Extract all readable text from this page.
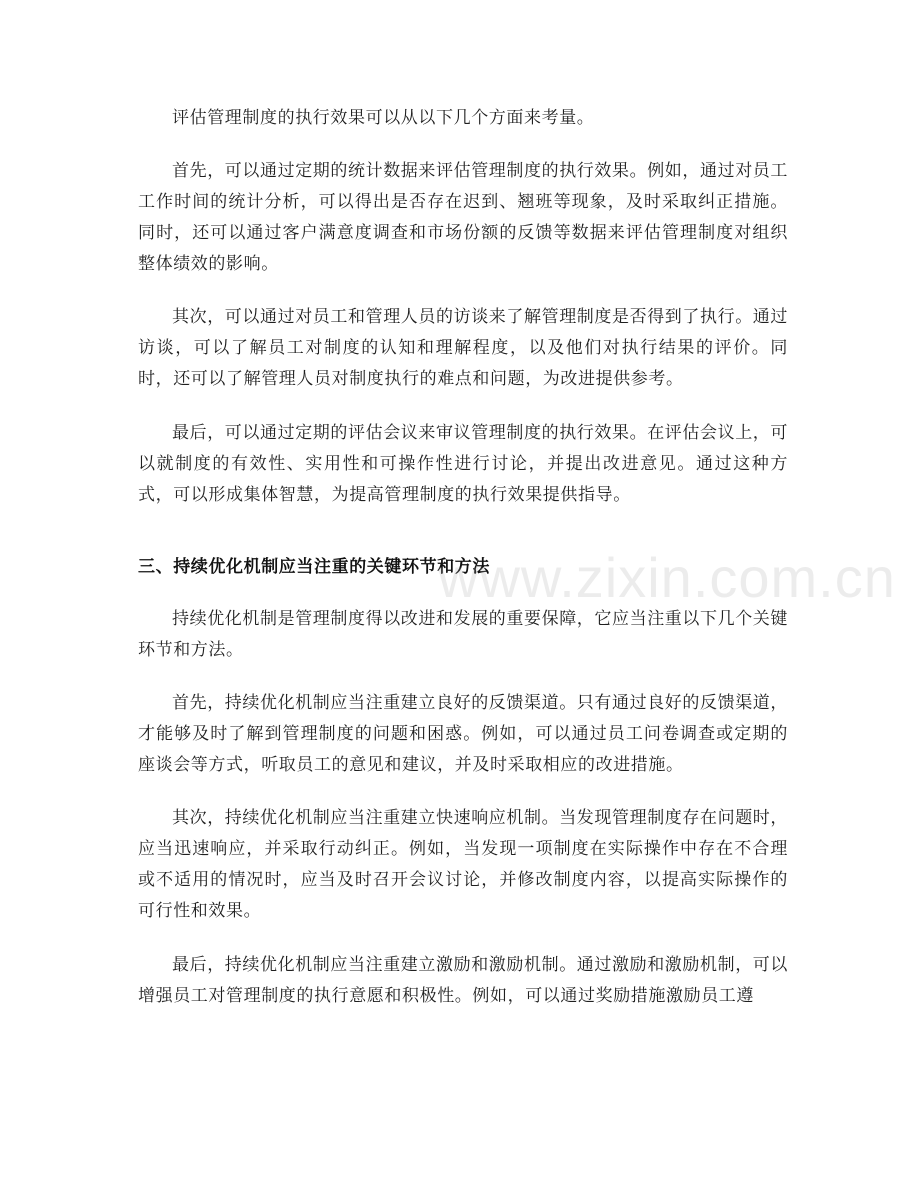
评估管理制度的执行效果可以从以下几个方面来考量。

首先，可以通过定期的统计数据来评估管理制度的执行效果。例如，通过对员工工作时间的统计分析，可以得出是否存在迟到、翘班等现象，及时采取纠正措施。同时，还可以通过客户满意度调查和市场份额的反馈等数据来评估管理制度对组织整体绩效的影响。

其次，可以通过对员工和管理人员的访谈来了解管理制度是否得到了执行。通过访谈，可以了解员工对制度的认知和理解程度，以及他们对执行结果的评价。同时，还可以了解管理人员对制度执行的难点和问题，为改进提供参考。

最后，可以通过定期的评估会议来审议管理制度的执行效果。在评估会议上，可以就制度的有效性、实用性和可操作性进行讨论，并提出改进意见。通过这种方式，可以形成集体智慧，为提高管理制度的执行效果提供指导。

三、持续优化机制应当注重的关键环节和方法

持续优化机制是管理制度得以改进和发展的重要保障，它应当注重以下几个关键环节和方法。

首先，持续优化机制应当注重建立良好的反馈渠道。只有通过良好的反馈渠道，才能够及时了解到管理制度的问题和困惑。例如，可以通过员工问卷调查或定期的座谈会等方式，听取员工的意见和建议，并及时采取相应的改进措施。

其次，持续优化机制应当注重建立快速响应机制。当发现管理制度存在问题时，应当迅速响应，并采取行动纠正。例如，当发现一项制度在实际操作中存在不合理或不适用的情况时，应当及时召开会议讨论，并修改制度内容，以提高实际操作的可行性和效果。

最后，持续优化机制应当注重建立激励和激励机制。通过激励和激励机制，可以增强员工对管理制度的执行意愿和积极性。例如，可以通过奖励措施激励员工遵

www.zixin.com.cn
